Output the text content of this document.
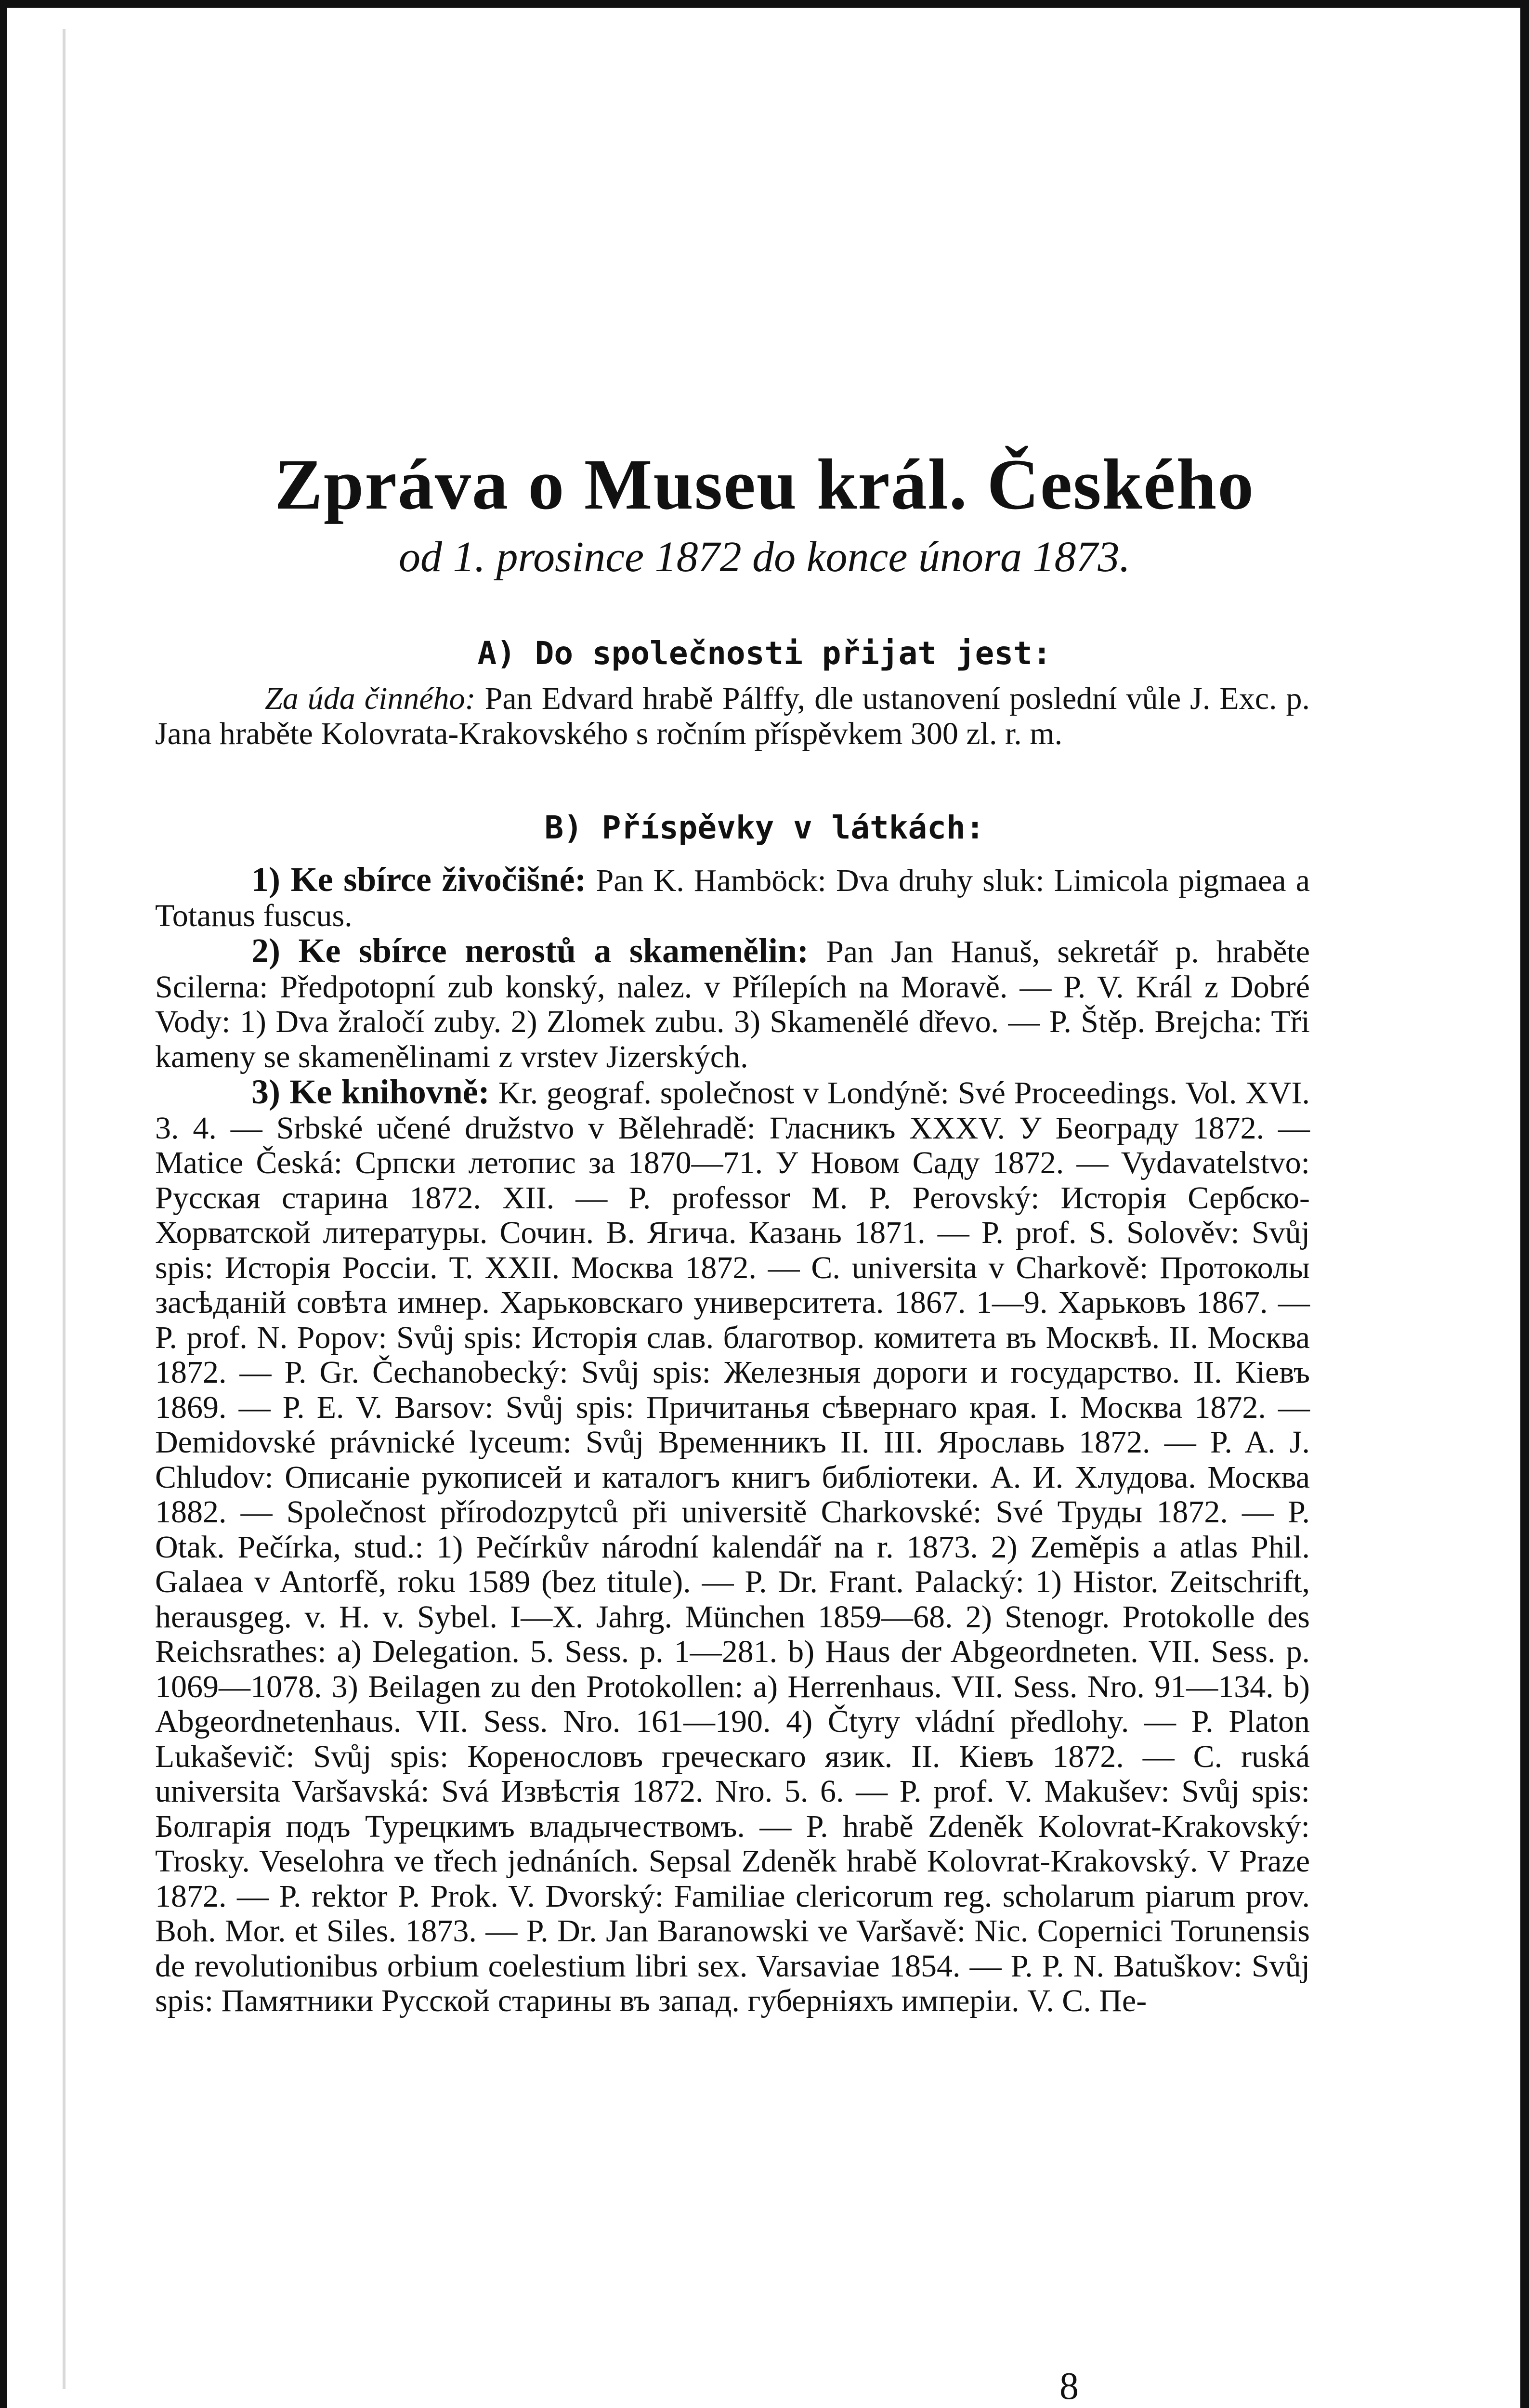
Zpráva o Museu král. Českého
od 1. prosince 1872 do konce února 1873.
A) Do společnosti přijat jest:

Za úda činného: Pan Edvard hrabě Pálffy, dle ustanovení poslední vůle J. Exc. p. Jana hraběte Kolovrata-Krakovského s ročním příspěvkem 300 zl. r. m.

B) Příspěvky v látkách:

1) Ke sbírce živočišné: Pan K. Hamböck: Dva druhy sluk: Limicola pigmaea a Totanus fuscus.

2) Ke sbírce nerostů a skamenělin: Pan Jan Hanuš, sekretář p. hraběte Scilerna: Předpotopní zub konský, nalez. v Přílepích na Moravě. — P. V. Král z Dobré Vody: 1) Dva žraločí zuby. 2) Zlomek zubu. 3) Skamenělé dřevo. — P. Štěp. Brejcha: Tři kameny se skamenělinami z vrstev Jizerských.

3) Ke knihovně: Kr. geograf. společnost v Londýně: Své Proceedings. Vol. XVI. 3. 4. — Srbské učené družstvo v Bělehradě: Гласникъ XXXV. У Београду 1872. — Matice Česká: Српски летопис за 1870—71. У Новом Саду 1872. — Vydavatelstvo: Русская старина 1872. XII. — P. professor M. P. Perovský: Исторія Сербско-Хорватской литературы. Сочин. В. Ягича. Казань 1871. — P. prof. S. Solověv: Svůj spis: Исторія Россіи. Т. XXII. Москва 1872. — C. universita v Charkově: Протоколы засѣданій совѣта имнер. Харьковскаго университета. 1867. 1—9. Харьковъ 1867. — P. prof. N. Popov: Svůj spis: Исторія слав. благотвор. комитета въ Москвѣ. II. Москва 1872. — P. Gr. Čechanobecký: Svůj spis: Железныя дороги и государство. II. Кіевъ 1869. — P. E. V. Barsov: Svůj spis: Причитанья сѣвернаго края. I. Москва 1872. — Demidovské právnické lyceum: Svůj Временникъ II. III. Ярославь 1872. — P. A. J. Chludov: Описаніе рукописей и каталогъ книгъ библіотеки. А. И. Хлудова. Москва 1882. — Společnost přírodozpytců při universitě Charkovské: Své Труды 1872. — P. Otak. Pečírka, stud.: 1) Pečírkův národní kalendář na r. 1873. 2) Zeměpis a atlas Phil. Galaea v Antorfě, roku 1589 (bez titule). — P. Dr. Frant. Palacký: 1) Histor. Zeitschrift, herausgeg. v. H. v. Sybel. I—X. Jahrg. München 1859—68. 2) Stenogr. Protokolle des Reichsrathes: a) Delegation. 5. Sess. p. 1—281. b) Haus der Abgeordneten. VII. Sess. p. 1069—1078. 3) Beilagen zu den Protokollen: a) Herrenhaus. VII. Sess. Nro. 91—134. b) Abgeordnetenhaus. VII. Sess. Nro. 161—190. 4) Čtyry vládní předlohy. — P. Platon Lukaševič: Svůj spis: Коренословъ греческаго язик. II. Кіевъ 1872. — C. ruská universita Varšavská: Svá Извѣстія 1872. Nro. 5. 6. — P. prof. V. Makušev: Svůj spis: Болгарія подъ Турецкимъ владычествомъ. — P. hrabě Zdeněk Kolovrat-Krakovský: Trosky. Veselohra ve třech jednáních. Sepsal Zdeněk hrabě Kolovrat-Krakovský. V Praze 1872. — P. rektor P. Prok. V. Dvorský: Familiae clericorum reg. scholarum piarum prov. Boh. Mor. et Siles. 1873. — P. Dr. Jan Baranowski ve Varšavě: Nic. Copernici Torunensis de revolutionibus orbium coelestium libri sex. Varsaviae 1854. — P. P. N. Batuškov: Svůj spis: Памятники Русской старины въ запад. губерніяхъ имперіи. V. С. Пе-

8
